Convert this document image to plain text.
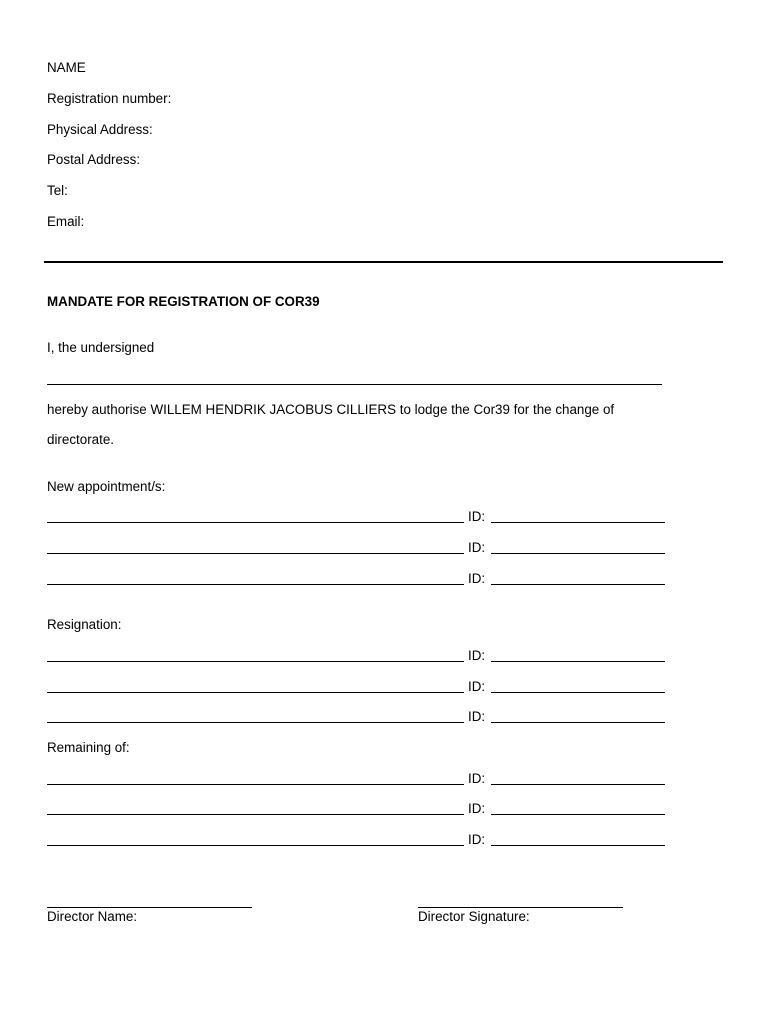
NAME
Registration number:
Physical Address:
Postal Address:
Tel:
Email:
MANDATE FOR REGISTRATION OF COR39
I, the undersigned
hereby authorise WILLEM HENDRIK JACOBUS CILLIERS to lodge the Cor39 for the change of
directorate.
New appointment/s:
ID:
ID:
ID:
Resignation:
ID:
ID:
ID:
Remaining of:
ID:
ID:
ID:
Director Name:	Director Signature:
